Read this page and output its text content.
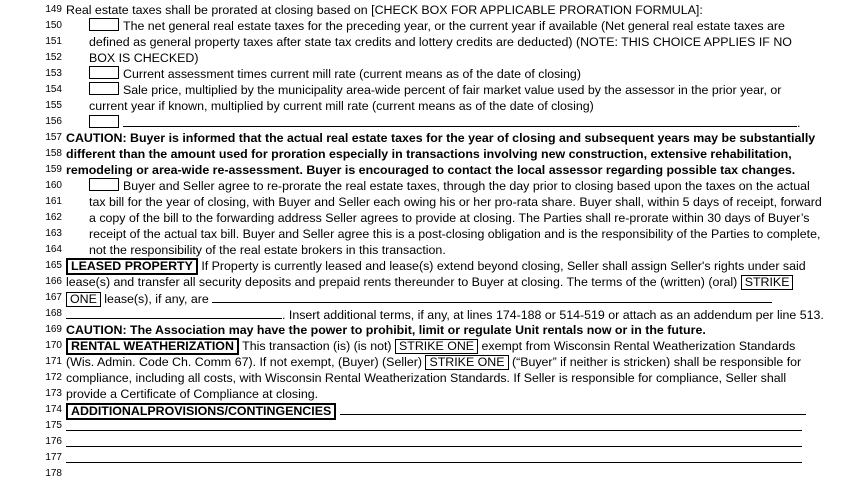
149 Real estate taxes shall be prorated at closing based on [CHECK BOX FOR APPLICABLE PRORATION FORMULA]:
150	The net general real estate taxes for the preceding year, or the current year if available (Net general real estate taxes are
151 defined as general property taxes after state tax credits and lottery credits are deducted) (NOTE: THIS CHOICE APPLIES IF NO
152 BOX IS CHECKED)
153	Current assessment times current mill rate (current means as of the date of closing)
154	Sale price, multiplied by the municipality area-wide percent of fair market value used by the assessor in the prior year, or
155 current year if known, multiplied by current mill rate (current means as of the date of closing)
156	.
157 CAUTION: Buyer is informed that the actual real estate taxes for the year of closing and subsequent years may be substantially
158 different than the amount used for proration especially in transactions involving new construction, extensive rehabilitation,
159 remodeling or area-wide re-assessment. Buyer is encouraged to contact the local assessor regarding possible tax changes.
160	Buyer and Seller agree to re-prorate the real estate taxes, through the day prior to closing based upon the taxes on the actual
161 tax bill for the year of closing, with Buyer and Seller each owing his or her pro-rata share. Buyer shall, within 5 days of receipt, forward
162 a copy of the bill to the forwarding address Seller agrees to provide at closing. The Parties shall re-prorate within 30 days of Buyer’s
163 receipt of the actual tax bill. Buyer and Seller agree this is a post-closing obligation and is the responsibility of the Parties to complete,
164 not the responsibility of the real estate brokers in this transaction.
165 LEASED PROPERTY If Property is currently leased and lease(s) extend beyond closing, Seller shall assign Seller's rights under said
166 lease(s) and transfer all security deposits and prepaid rents thereunder to Buyer at closing. The terms of the (written) (oral) STRIKE
167 ONE lease(s), if any, are
168	. Insert additional terms, if any, at lines 174-188 or 514-519 or attach as an addendum per line 513.
169 CAUTION: The Association may have the power to prohibit, limit or regulate Unit rentals now or in the future.
170 RENTAL WEATHERIZATION This transaction (is) (is not) STRIKE ONE exempt from Wisconsin Rental Weatherization Standards
171 (Wis. Admin. Code Ch. Comm 67). If not exempt, (Buyer) (Seller) STRIKE ONE (“Buyer” if neither is stricken) shall be responsible for
172 compliance, including all costs, with Wisconsin Rental Weatherization Standards. If Seller is responsible for compliance, Seller shall
173 provide a Certificate of Compliance at closing.
174 ADDITIONALPROVISIONS/CONTINGENCIES
175
176
177
178
